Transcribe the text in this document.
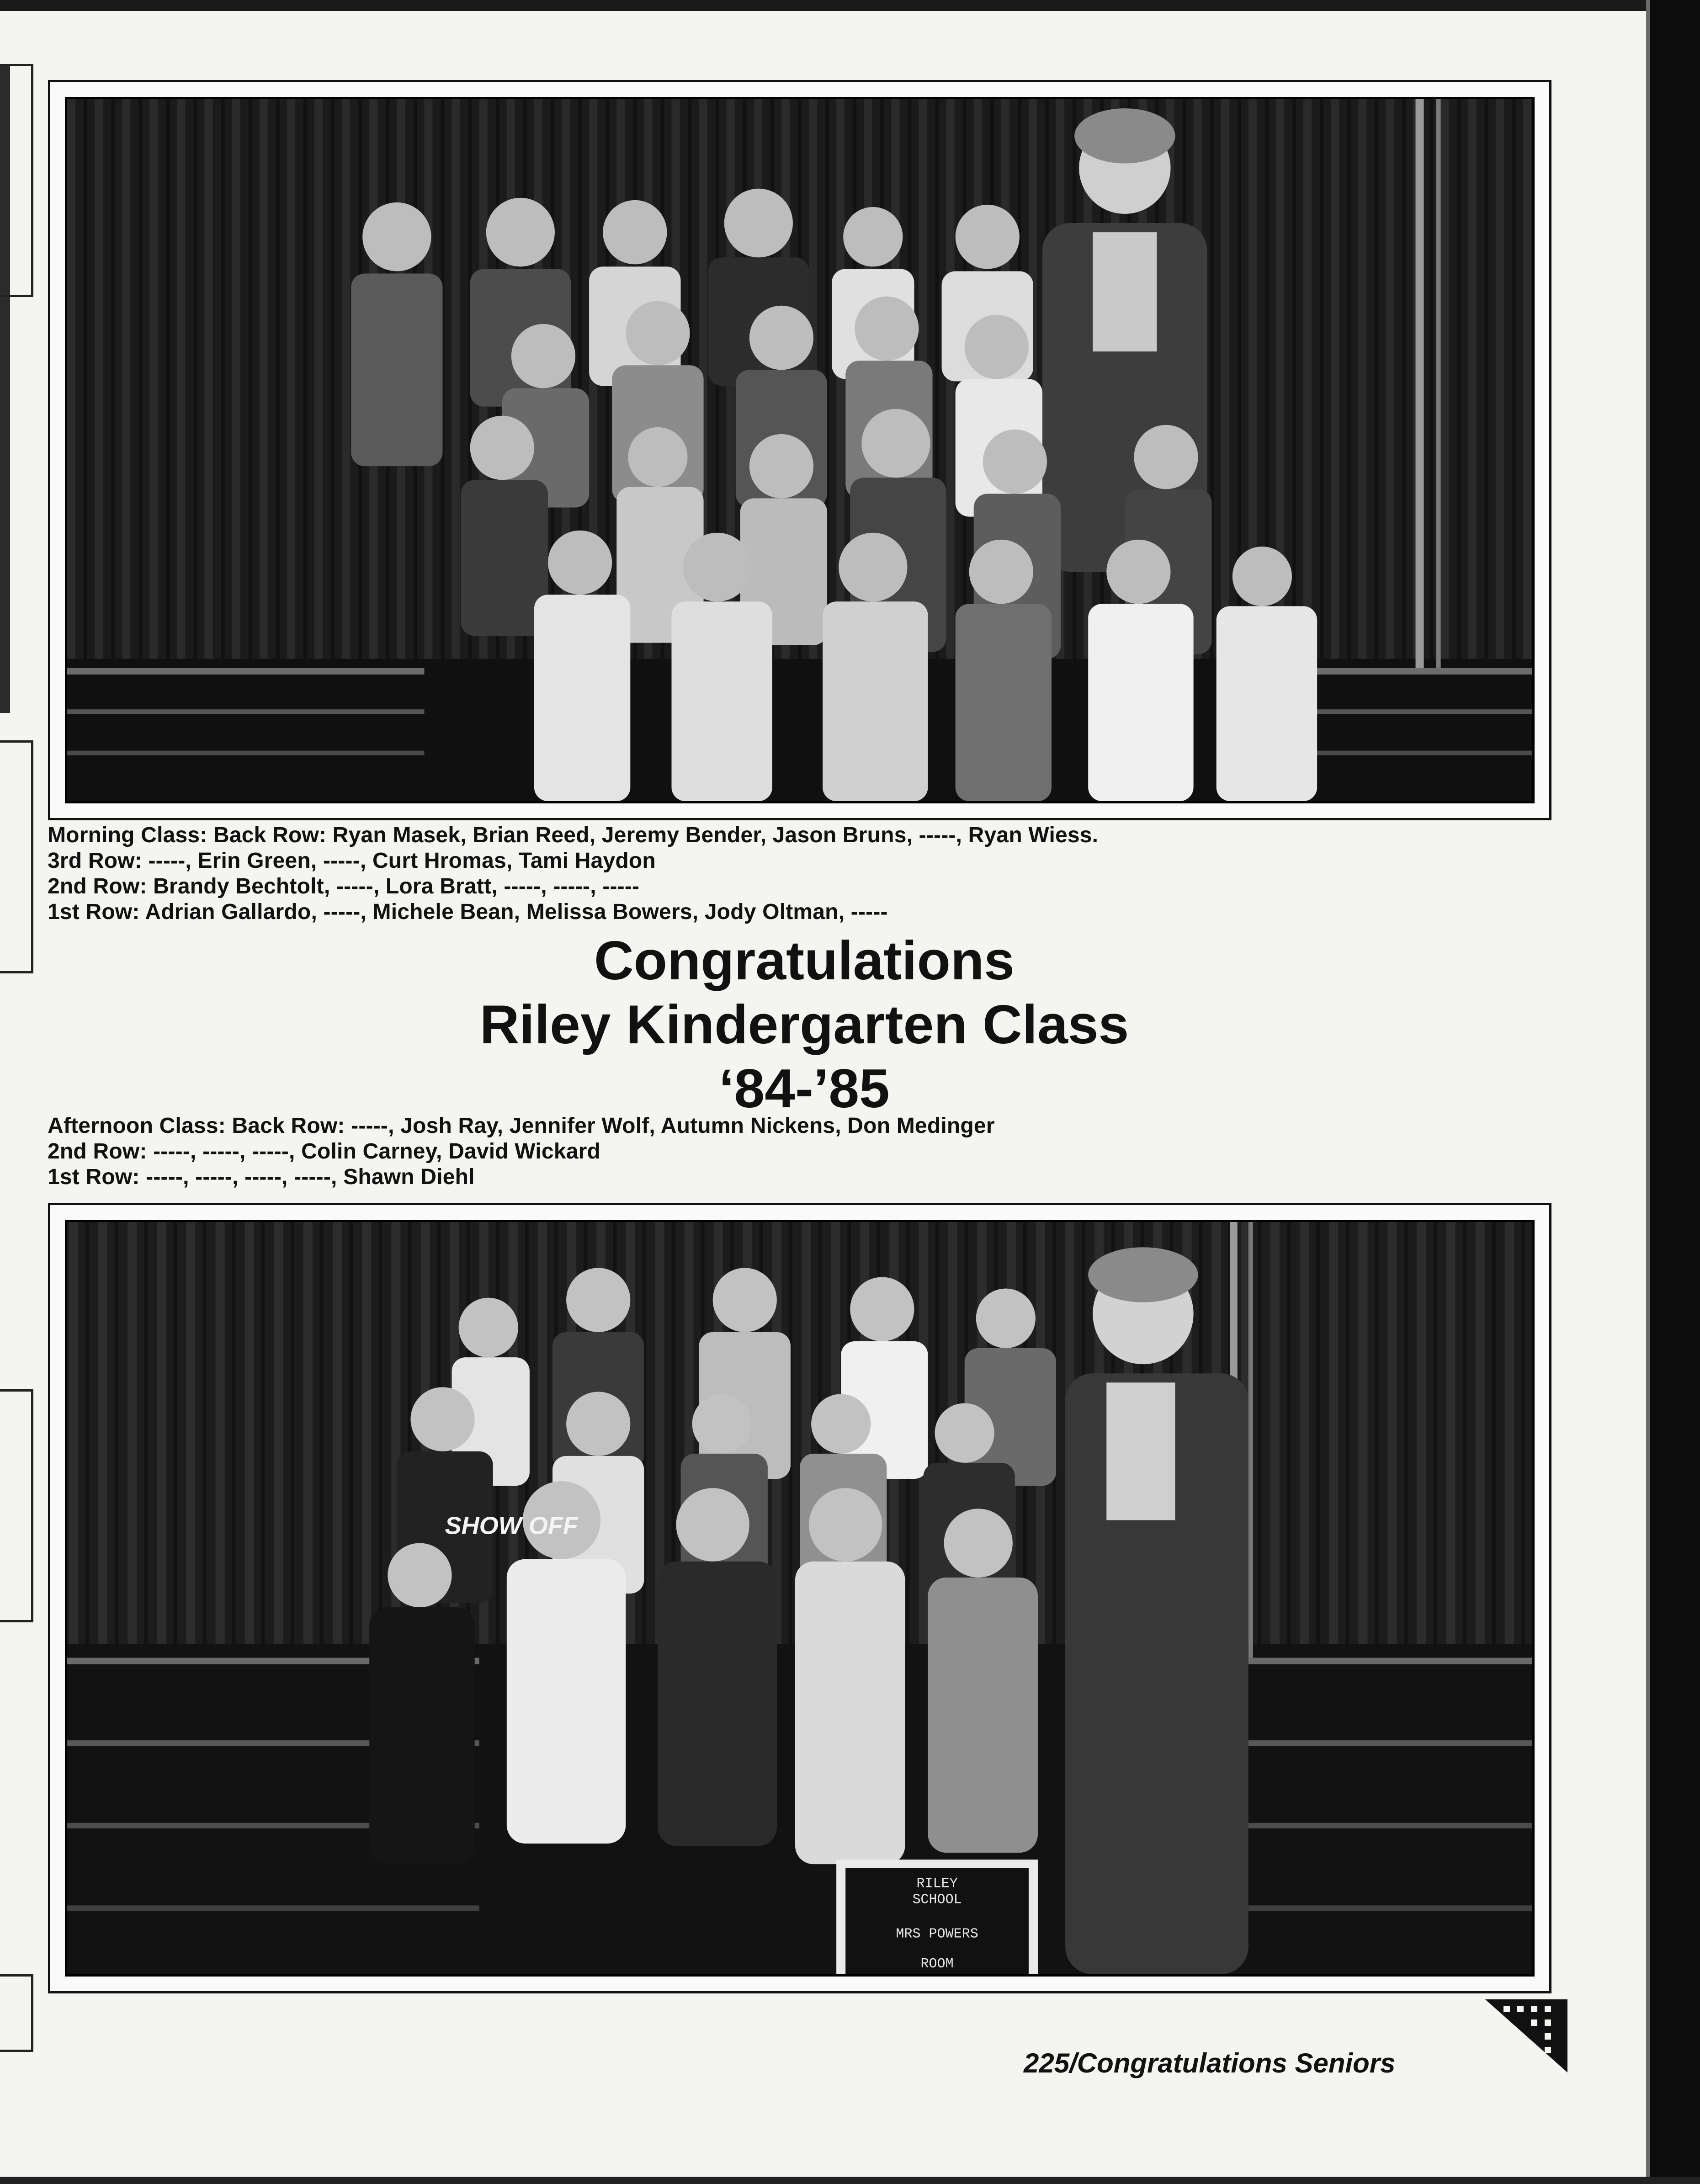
Morning Class: Back Row: Ryan Masek, Brian Reed, Jeremy Bender, Jason Bruns, -----, Ryan Wiess.
3rd Row: -----, Erin Green, -----, Curt Hromas, Tami Haydon
2nd Row: Brandy Bechtolt, -----, Lora Bratt, -----, -----, -----
1st Row: Adrian Gallardo, -----, Michele Bean, Melissa Bowers, Jody Oltman, -----
Congratulations
Riley Kindergarten Class
‘84-’85
Afternoon Class: Back Row: -----, Josh Ray, Jennifer Wolf, Autumn Nickens, Don Medinger
2nd Row: -----, -----, -----, Colin Carney, David Wickard
1st Row: -----, -----, -----, -----, Shawn Diehl
SHOW OFF
RILEY
SCHOOL
MRS POWERS
ROOM
225/Congratulations Seniors
